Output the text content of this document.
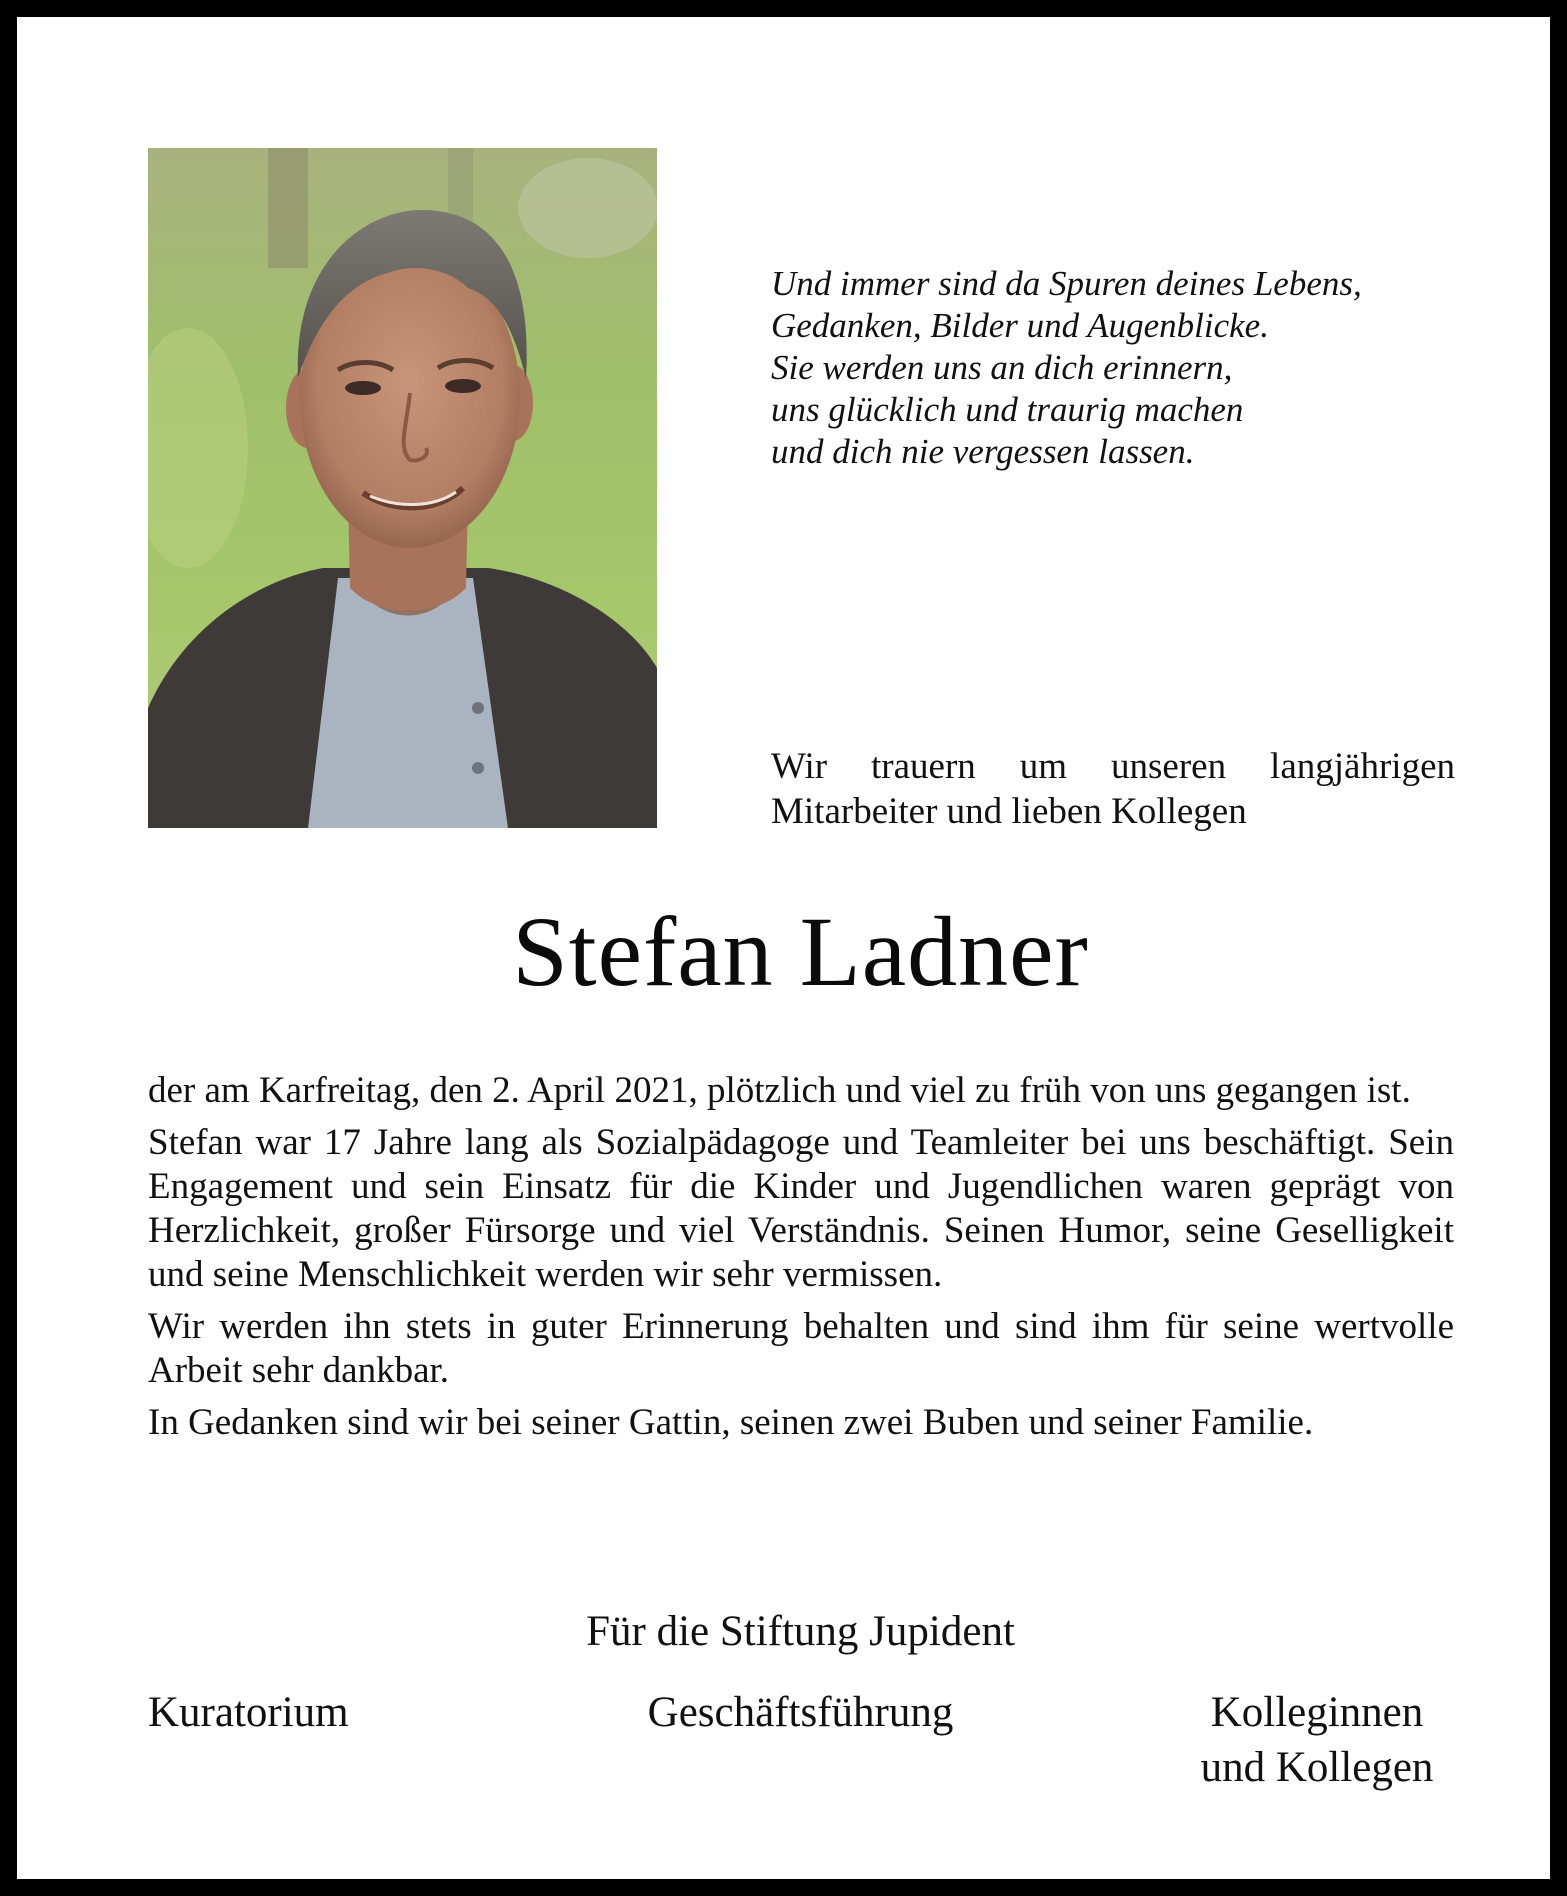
Und immer sind da Spuren deines Lebens,
Gedanken, Bilder und Augenblicke.
Sie werden uns an dich erinnern,
uns glücklich und traurig machen
und dich nie vergessen lassen.
Wir trauern um unseren langjährigen
Mitarbeiter und lieben Kollegen
Stefan Ladner

der am Karfreitag, den 2. April 2021, plötzlich und viel zu früh von uns gegangen ist.

Stefan war 17 Jahre lang als Sozialpädagoge und Teamleiter bei uns beschäftigt. Sein Engagement und sein Einsatz für die Kinder und Jugendlichen waren geprägt von Herzlichkeit, großer Fürsorge und viel Verständnis. Seinen Humor, seine Geselligkeit und seine Menschlichkeit werden wir sehr vermissen.

Wir werden ihn stets in guter Erinnerung behalten und sind ihm für seine wertvolle Arbeit sehr dankbar.

In Gedanken sind wir bei seiner Gattin, seinen zwei Buben und seiner Familie.

Für die Stiftung Jupident
Kuratorium	Geschäftsführung	Kolleginnen
und Kollegen
